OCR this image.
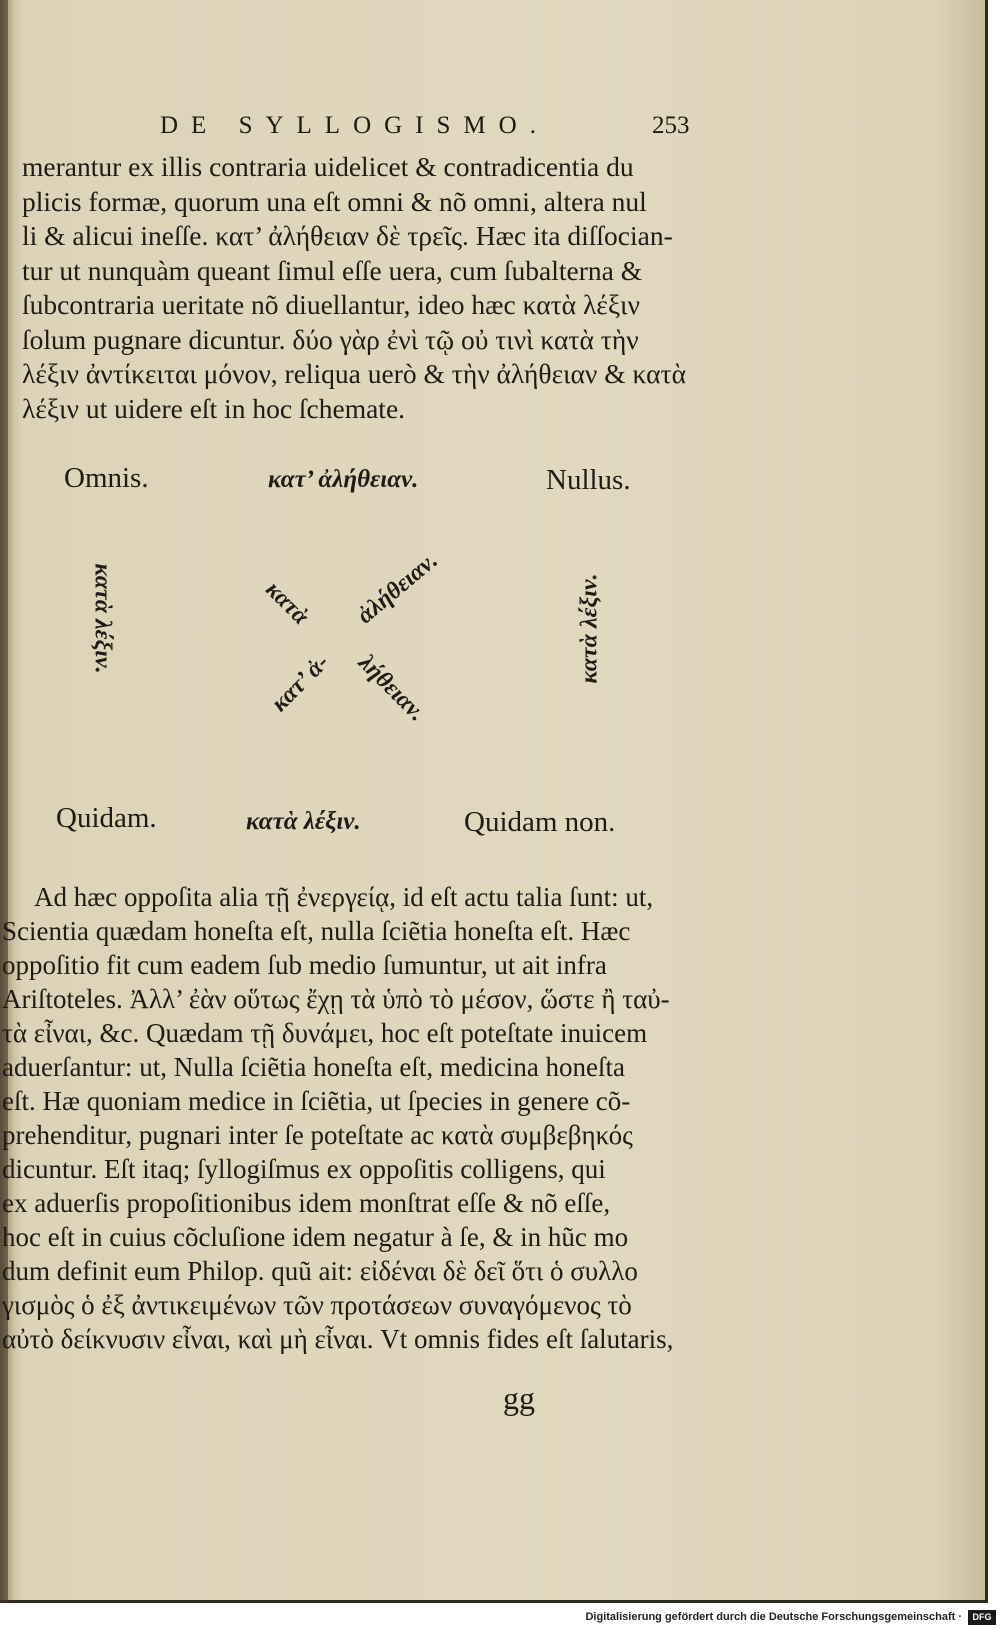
DE SYLLOGISMO.	253

merantur ex illis contraria uidelicet & contradicentia du
plicis formæ, quorum una eſt omni & nõ omni, altera nul
li & alicui ineſſe. κατ’ ἀλήθειαν δὲ τρεῖς. Hæc ita diſſocian-
tur ut nunquàm queant ſimul eſſe uera, cum ſubalterna &
ſubcontraria ueritate nõ diuellantur, ideo hæc κατὰ λέξιν
ſolum pugnare dicuntur. δύο γὰρ ἐνὶ τῷ οὐ τινὶ κατὰ τὴν
λέξιν ἀντίκειται μόνον, reliqua uerò & τὴν ἀλήθειαν & κατὰ
λέξιν ut uidere eſt in hoc ſchemate.

Omnis.	κατ’ ἀλήθειαν.	Nullus.
κατὰ λέξιν.	κατὰ λέξιν.
κατὰ ἀλήθειαν.
κατ’ ἀ- λήθειαν.
Quidam.	κατὰ λέξιν.	Quidam non.

Ad hæc oppoſita alia τῇ ἐνεργείᾳ, id eſt actu talia ſunt: ut,
Scientia quædam honeſta eſt, nulla ſciẽtia honeſta eſt. Hæc
oppoſitio fit cum eadem ſub medio ſumuntur, ut ait infra
Ariſtoteles. Ἀλλ’ ἐὰν οὕτως ἔχῃ τὰ ὑπὸ τὸ μέσον, ὥστε ἢ ταὐ-
τὰ εἶναι, &c. Quædam τῇ δυνάμει, hoc eſt poteſtate inuicem
aduerſantur: ut, Nulla ſciẽtia honeſta eſt, medicina honeſta
eſt. Hæ quoniam medice in ſciẽtia, ut ſpecies in genere cõ-
prehenditur, pugnari inter ſe poteſtate ac κατὰ συμβεβηκός
dicuntur. Eſt itaq; ſyllogiſmus ex oppoſitis colligens, qui
ex aduerſis propoſitionibus idem monſtrat eſſe & nõ eſſe,
hoc eſt in cuius cõcluſione idem negatur à ſe, & in hũc mo
dum definit eum Philop. quũ ait: εἰδέναι δὲ δεῖ ὅτι ὁ συλλο
γισμὸς ὁ ἐξ ἀντικειμένων τῶν προτάσεων συναγόμενος τὸ
αὐτὸ δείκνυσιν εἶναι, καὶ μὴ εἶναι. Vt omnis fides eſt ſalutaris,

gg
Digitalisierung gefördert durch die Deutsche Forschungsgemeinschaft ·	DFG
